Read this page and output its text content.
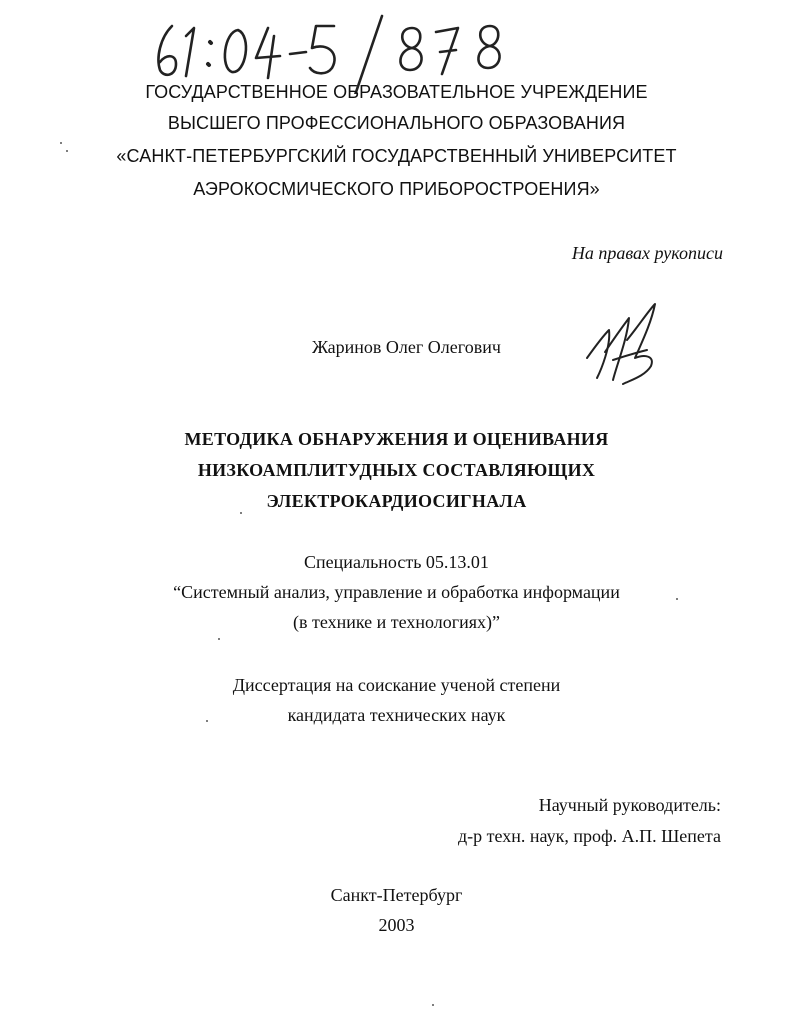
ГОСУДАРСТВЕННОЕ ОБРАЗОВАТЕЛЬНОЕ УЧРЕЖДЕНИЕ
ВЫСШЕГО ПРОФЕССИОНАЛЬНОГО ОБРАЗОВАНИЯ
«САНКТ-ПЕТЕРБУРГСКИЙ ГОСУДАРСТВЕННЫЙ УНИВЕРСИТЕТ
АЭРОКОСМИЧЕСКОГО ПРИБОРОСТРОЕНИЯ»
На правах рукописи
Жаринов Олег Олегович
МЕТОДИКА ОБНАРУЖЕНИЯ И ОЦЕНИВАНИЯ
НИЗКОАМПЛИТУДНЫХ СОСТАВЛЯЮЩИХ
ЭЛЕКТРОКАРДИОСИГНАЛА
Специальность 05.13.01
“Системный анализ, управление и обработка информации
(в технике и технологиях)”
Диссертация на соискание ученой степени
кандидата технических наук
Научный руководитель:
д-р техн. наук, проф. А.П. Шепета
Санкт-Петербург
2003
